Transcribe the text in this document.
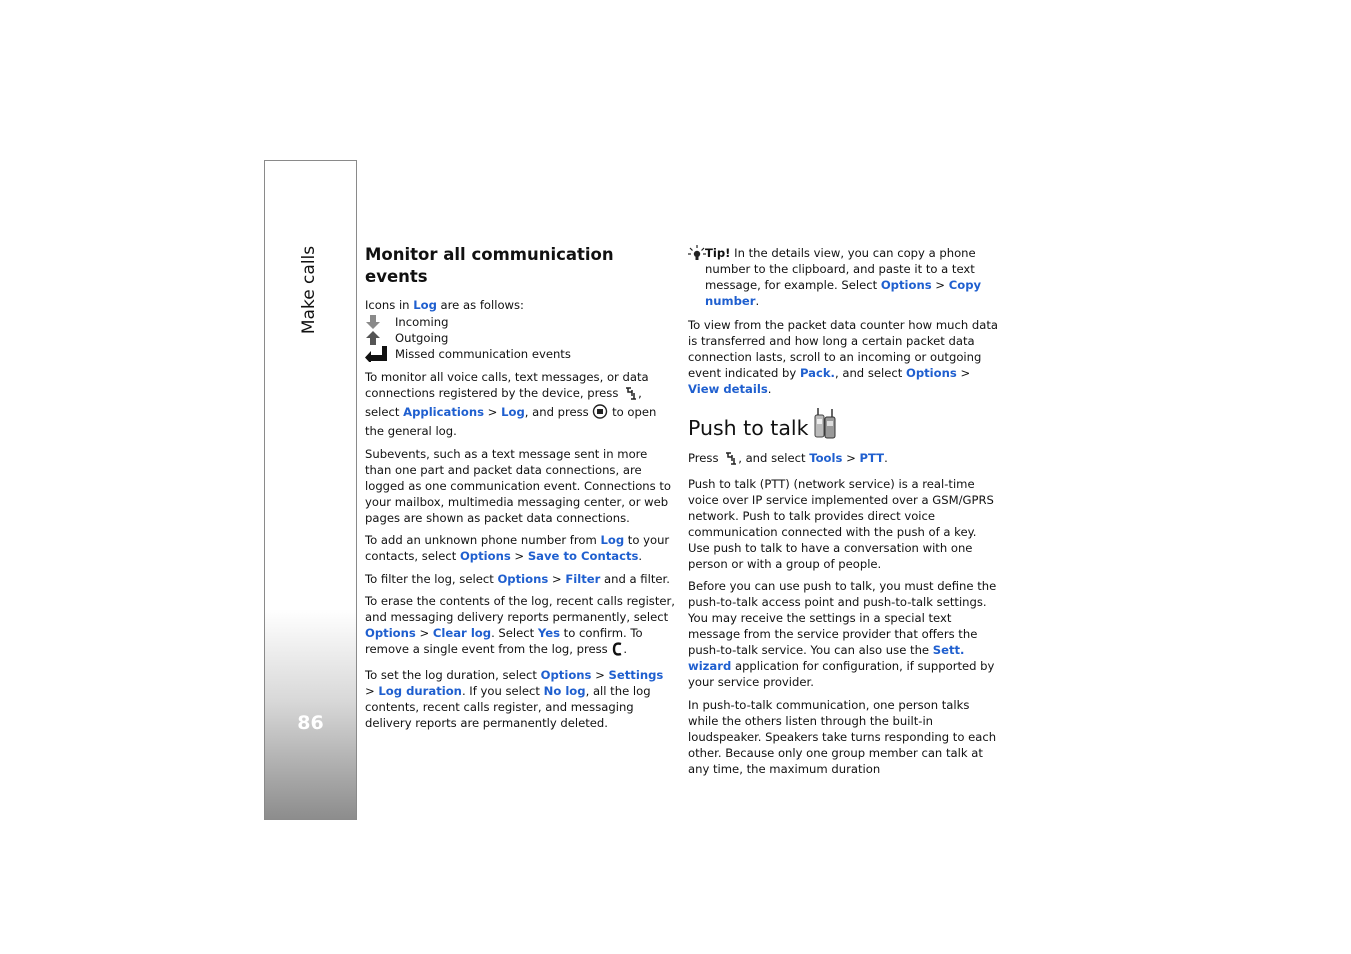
Make calls
86
Monitor all communication events

Icons in Log are as follows:

Incoming
Outgoing
Missed communication events

To monitor all voice calls, text messages, or data connections registered by the device, press , select Applications > Log, and press  to open the general log.

Subevents, such as a text message sent in more than one part and packet data connections, are logged as one communication event. Connections to your mailbox, multimedia messaging center, or web pages are shown as packet data connections.

To add an unknown phone number from Log to your contacts, select Options > Save to Contacts.

To filter the log, select Options > Filter and a filter.

To erase the contents of the log, recent calls register, and messaging delivery reports permanently, select Options > Clear log. Select Yes to confirm. To remove a single event from the log, press .

To set the log duration, select Options > Settings > Log duration. If you select No log, all the log contents, recent calls register, and messaging delivery reports are permanently deleted.

Tip! In the details view, you can copy a phone number to the clipboard, and paste it to a text message, for example. Select Options > Copy number.

To view from the packet data counter how much data is transferred and how long a certain packet data connection lasts, scroll to an incoming or outgoing event indicated by Pack., and select Options > View details.

Push to talk

Press , and select Tools > PTT.

Push to talk (PTT) (network service) is a real-time voice over IP service implemented over a GSM/GPRS network. Push to talk provides direct voice communication connected with the push of a key. Use push to talk to have a conversation with one person or with a group of people.

Before you can use push to talk, you must define the push-to-talk access point and push-to-talk settings. You may receive the settings in a special text message from the service provider that offers the push-to-talk service. You can also use the Sett. wizard application for configuration, if supported by your service provider.

In push-to-talk communication, one person talks while the others listen through the built-in loudspeaker. Speakers take turns responding to each other. Because only one group member can talk at any time, the maximum duration
